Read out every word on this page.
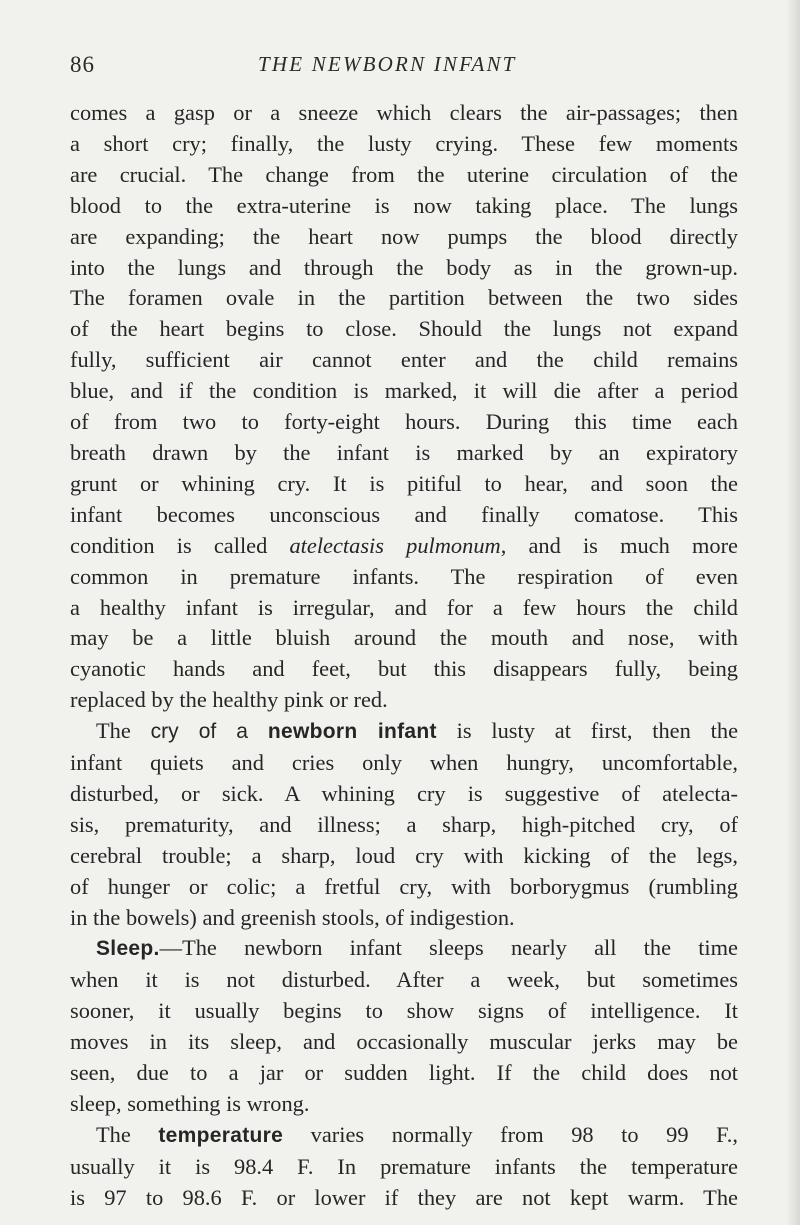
86	THE NEWBORN INFANT
comes a gasp or a sneeze which clears the air-passages; then
a short cry; finally, the lusty crying. These few moments
are crucial. The change from the uterine circulation of the
blood to the extra-uterine is now taking place. The lungs
are expanding; the heart now pumps the blood directly
into the lungs and through the body as in the grown-up.
The foramen ovale in the partition between the two sides
of the heart begins to close. Should the lungs not expand
fully, sufficient air cannot enter and the child remains
blue, and if the condition is marked, it will die after a period
of from two to forty-eight hours. During this time each
breath drawn by the infant is marked by an expiratory
grunt or whining cry. It is pitiful to hear, and soon the
infant becomes unconscious and finally comatose. This
condition is called atelectasis pulmonum, and is much more
common in premature infants. The respiration of even
a healthy infant is irregular, and for a few hours the child
may be a little bluish around the mouth and nose, with
cyanotic hands and feet, but this disappears fully, being
replaced by the healthy pink or red.
The cry of a newborn infant is lusty at first, then the
infant quiets and cries only when hungry, uncomfortable,
disturbed, or sick. A whining cry is suggestive of atelecta-
sis, prematurity, and illness; a sharp, high-pitched cry, of
cerebral trouble; a sharp, loud cry with kicking of the legs,
of hunger or colic; a fretful cry, with borborygmus (rumbling
in the bowels) and greenish stools, of indigestion.
Sleep.—The newborn infant sleeps nearly all the time
when it is not disturbed. After a week, but sometimes
sooner, it usually begins to show signs of intelligence. It
moves in its sleep, and occasionally muscular jerks may be
seen, due to a jar or sudden light. If the child does not
sleep, something is wrong.
The temperature varies normally from 98 to 99 F.,
usually it is 98.4 F. In premature infants the temperature
is 97 to 98.6 F. or lower if they are not kept warm. The
